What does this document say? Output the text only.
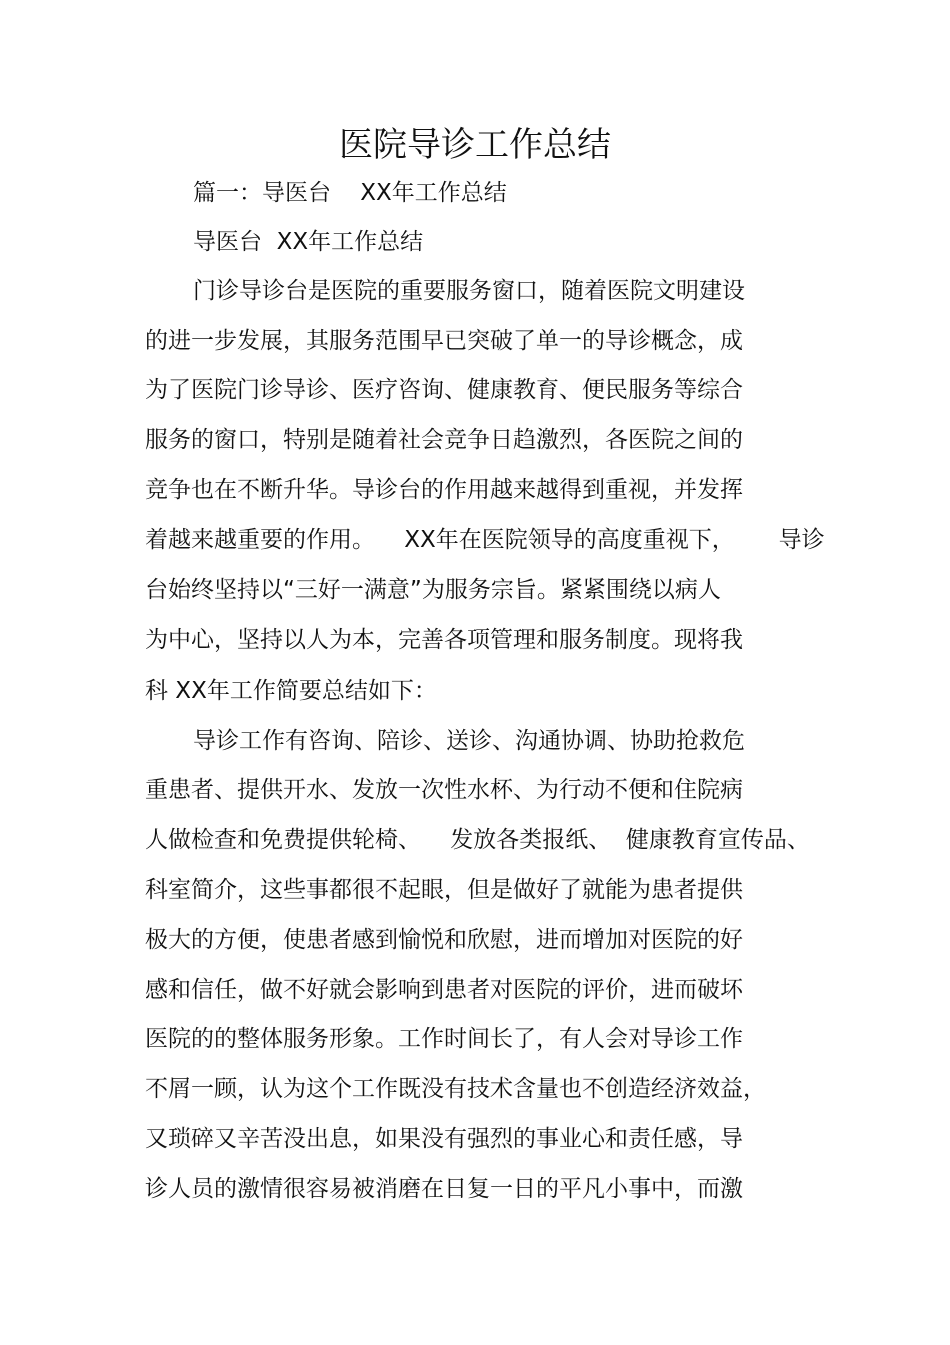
医院导诊工作总结
篇一：导医台    XX年工作总结
导医台  XX年工作总结
门诊导诊台是医院的重要服务窗口，随着医院文明建设
的进一步发展，其服务范围早已突破了单一的导诊概念，成
为了医院门诊导诊、医疗咨询、健康教育、便民服务等综合
服务的窗口，特别是随着社会竞争日趋激烈，各医院之间的
竞争也在不断升华。导诊台的作用越来越得到重视，并发挥
着越来越重要的作用。    XX年在医院领导的高度重视下，      导诊
台始终坚持以“三好一满意”为服务宗旨。紧紧围绕以病人
为中心，坚持以人为本，完善各项管理和服务制度。现将我
科 XX年工作简要总结如下：
导诊工作有咨询、陪诊、送诊、沟通协调、协助抢救危
重患者、提供开水、发放一次性水杯、为行动不便和住院病
人做检查和免费提供轮椅、    发放各类报纸、  健康教育宣传品、
科室简介，这些事都很不起眼，但是做好了就能为患者提供
极大的方便，使患者感到愉悦和欣慰，进而增加对医院的好
感和信任，做不好就会影响到患者对医院的评价，进而破坏
医院的的整体服务形象。工作时间长了，有人会对导诊工作
不屑一顾，认为这个工作既没有技术含量也不创造经济效益，
又琐碎又辛苦没出息，如果没有强烈的事业心和责任感，导
诊人员的激情很容易被消磨在日复一日的平凡小事中，而激
